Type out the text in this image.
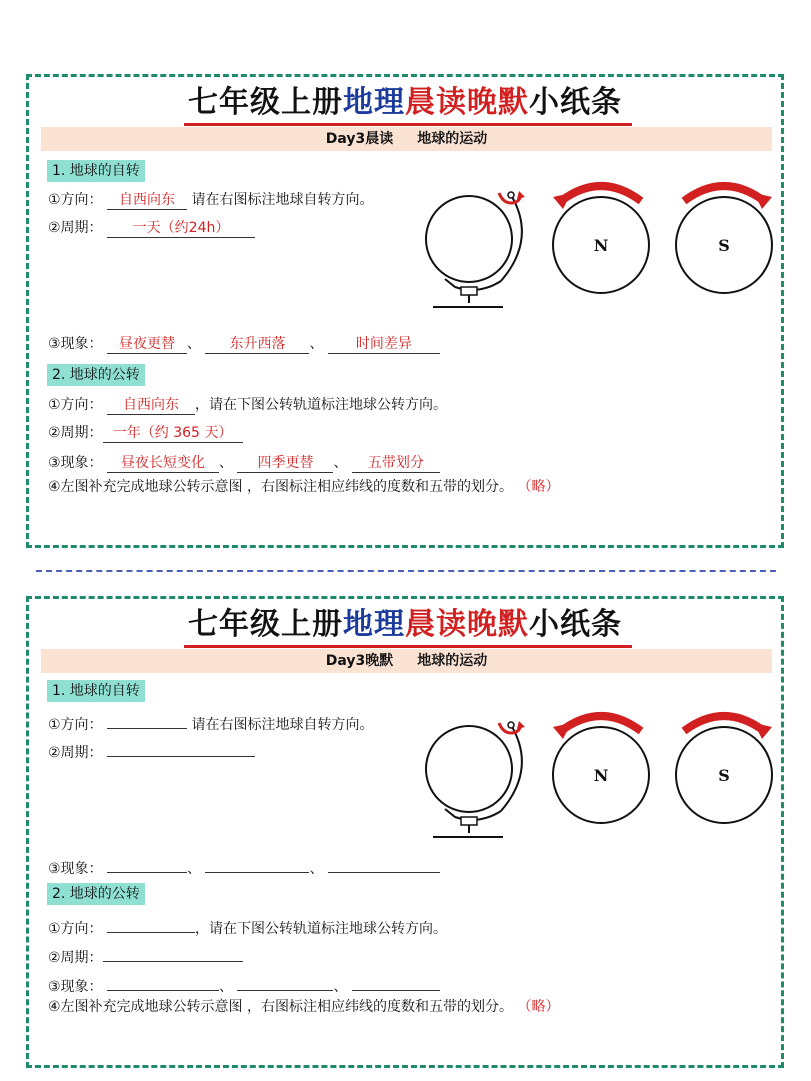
七年级上册地理晨读晚默小纸条
Day3晨读 地球的运动
1. 地球的自转
①方向： 自西向东 请在右图标注地球自转方向。
②周期： 一天（约24h）
③现象： 昼夜更替 、 东升西落 、 时间差异
2. 地球的公转
①方向： 自西向东 ，请在下图公转轨道标注地球公转方向。
②周期： 一年（约 365 天）
③现象： 昼夜长短变化 、 四季更替 、 五带划分
④左图补充完成地球公转示意图 ，右图标注相应纬线的度数和五带的划分。 （略）
N	S
七年级上册地理晨读晚默小纸条
Day3晚默 地球的运动
1. 地球的自转
①方向：	请在右图标注地球自转方向。
②周期：
③现象：	、	、
2. 地球的公转
①方向：	，请在下图公转轨道标注地球公转方向。
②周期：
③现象：	、	、
④左图补充完成地球公转示意图 ，右图标注相应纬线的度数和五带的划分。 （略）
N	S
